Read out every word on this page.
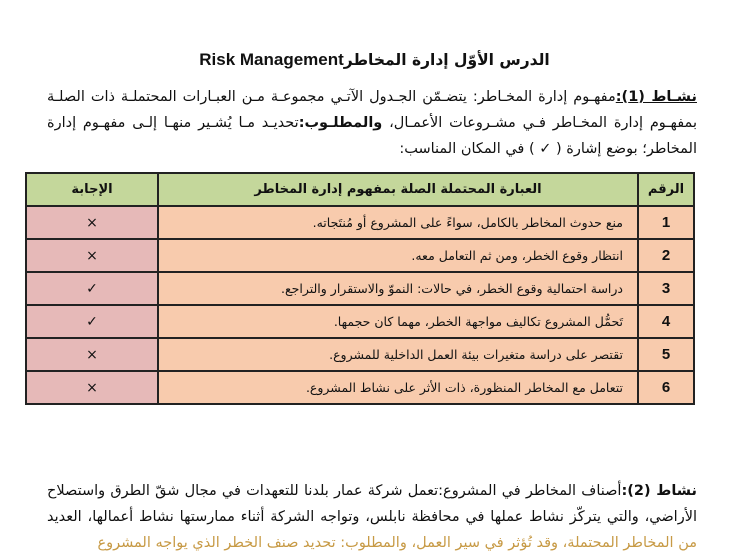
الدرس الأوّل إدارة المخاطرRisk Management
نشـاط (1):مفهـوم إدارة المخـاطر: يتضـمّن الجـدول الآتـي مجموعـة مـن العبـارات المحتملـة ذات الصلـة بمفهـوم إدارة المخـاطر فـي مشـروعات الأعمـال، والمطلـوب:تحديـد مـا يُشـير منهـا إلـى مفهـوم إدارة المخاطر؛ بوضع إشارة ( ✓ ) في المكان المناسب:
الرقم	العبارة المحتملة الصلة بمفهوم إدارة المخاطر	الإجابة
1	منع حدوث المخاطر بالكامل، سواءً على المشروع أو مُنتَجاته.	×
2	انتظار وقوع الخطر، ومن ثم التعامل معه.	×
3	دراسة احتمالية وقوع الخطر، في حالات: النموّ والاستقرار والتراجع.	✓
4	تَحمُّل المشروع تكاليف مواجهة الخطر، مهما كان حجمها.	✓
5	تقتصر على دراسة متغيرات بيئة العمل الداخلية للمشروع.	×
6	تتعامل مع المخاطر المنظورة، ذات الأثر على نشاط المشروع.	×
نشاط (2):أصناف المخاطر في المشروع:تعمل شركة عمار بلدنا للتعهدات في مجال شقّ الطرق واستصلاح الأراضي، والتي يتركّز نشاط عملها في محافظة نابلس، وتواجه الشركة أثناء ممارستها نشاط أعمالها، العديد من المخاطر المحتملة، وقد تُؤثر في سير العمل، والمطلوب: تحديد صنف الخطر الذي يواجه المشروع
